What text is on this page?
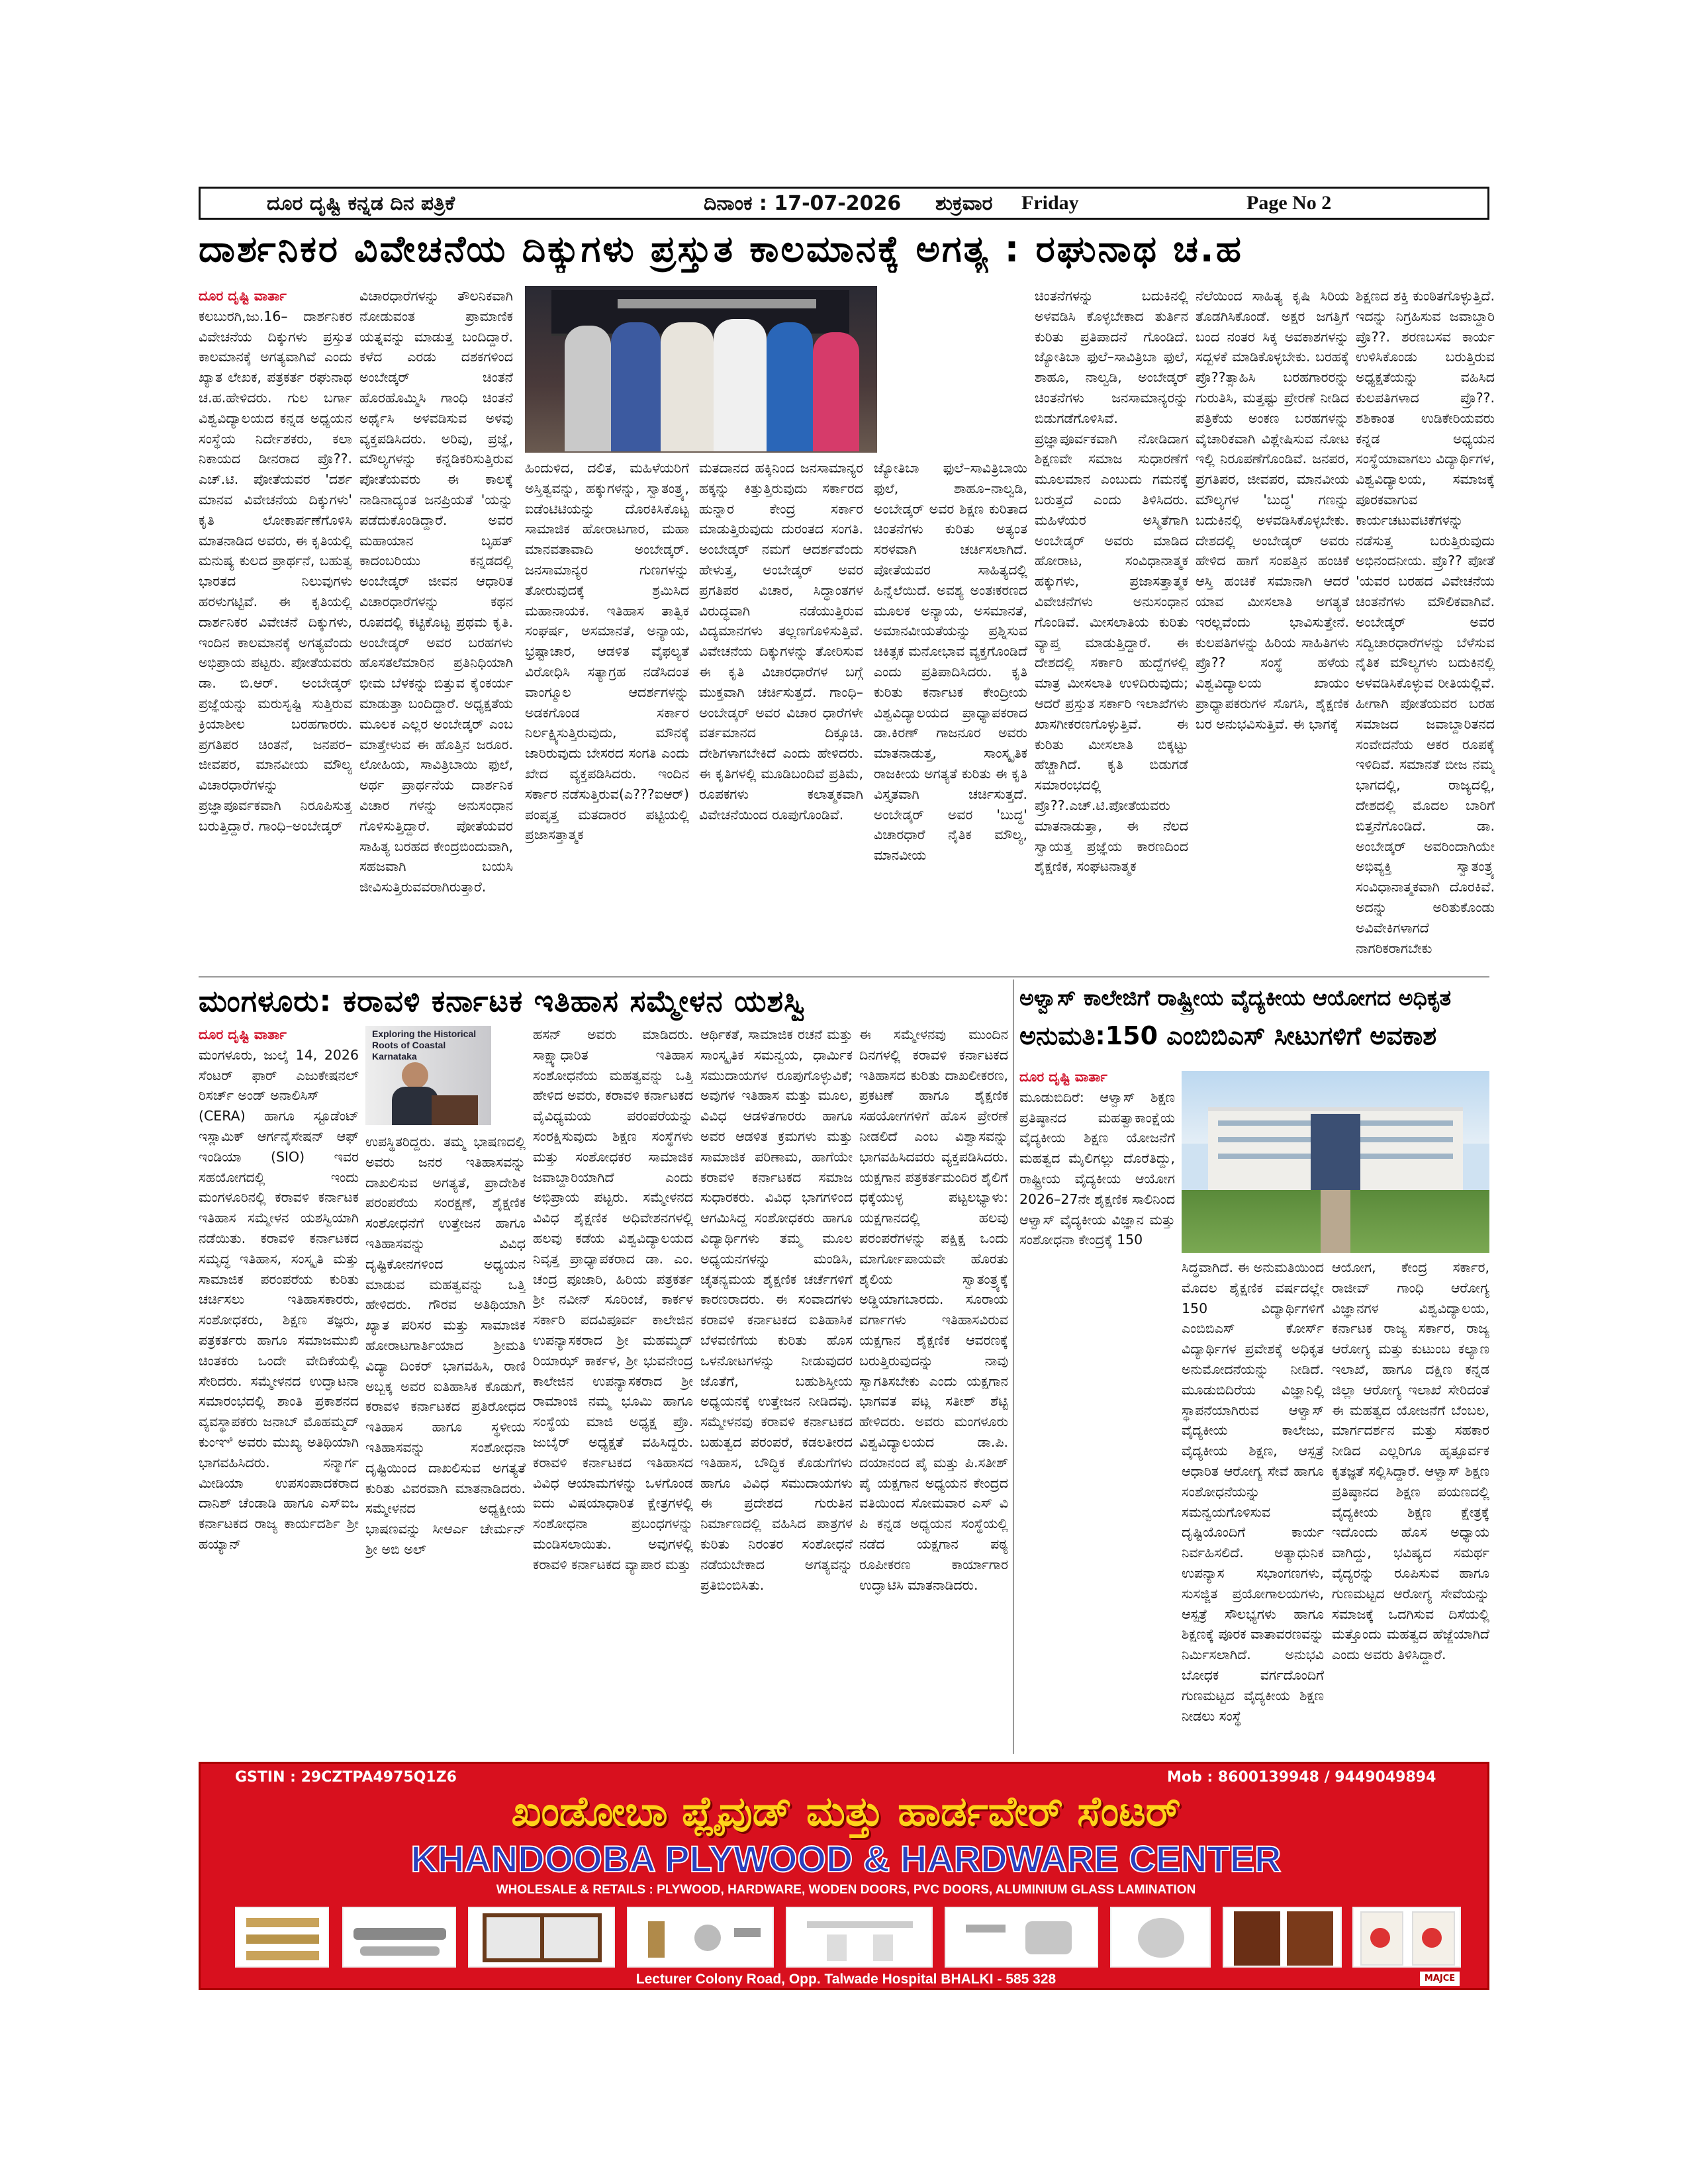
ದೂರ ದೃಷ್ಟಿ ಕನ್ನಡ ದಿನ ಪತ್ರಿಕೆ	ದಿನಾಂಕ : 17-07-2026 ಶುಕ್ರವಾರ Friday	Page No 2
ದಾರ್ಶನಿಕರ ವಿವೇಚನೆಯ ದಿಕ್ಕುಗಳು ಪ್ರಸ್ತುತ ಕಾಲಮಾನಕ್ಕೆ ಅಗತ್ಯ : ರಘುನಾಥ ಚ.ಹ
ದೂರ ದೃಷ್ಟಿ ವಾರ್ತಾ
ಕಲಬುರಗಿ,ಜು.16– ದಾರ್ಶನಿಕರ ವಿವೇಚನೆಯ ದಿಕ್ಕುಗಳು ಪ್ರಸ್ತುತ ಕಾಲಮಾನಕ್ಕೆ ಅಗತ್ಯವಾಗಿವೆ ಎಂದು ಖ್ಯಾತ ಲೇಖಕ, ಪತ್ರಕರ್ತ ರಘುನಾಥ ಚ.ಹ.ಹೇಳಿದರು. ಗುಲ ಬರ್ಗಾ ವಿಶ್ವವಿದ್ಯಾಲಯದ ಕನ್ನಡ ಅಧ್ಯಯನ ಸಂಸ್ಥೆಯ ನಿರ್ದೇಶಕರು, ಕಲಾ ನಿಕಾಯದ ಡೀನರಾದ ಪ್ರೊ??. ಎಚ್.ಟಿ. ಪೋತೆಯವರ 'ದರ್ಶ ಮಾನವ ವಿವೇಚನೆಯ ದಿಕ್ಕುಗಳು' ಕೃತಿ ಲೋಕಾರ್ಪಣೆಗೊಳಿಸಿ ಮಾತನಾಡಿದ ಅವರು, ಈ ಕೃತಿಯಲ್ಲಿ ಮನುಷ್ಯ ಕುಲದ ಪ್ರಾರ್ಥನೆ, ಬಹುತ್ವ ಭಾರತದ ನಿಲುವುಗಳು ಹರಳುಗಟ್ಟಿವೆ. ಈ ಕೃತಿಯಲ್ಲಿ ದಾರ್ಶನಿಕರ ವಿವೇಚನೆ ದಿಕ್ಕುಗಳು, ಇಂದಿನ ಕಾಲಮಾನಕ್ಕೆ ಅಗತ್ಯವೆಂದು ಅಭಿಪ್ರಾಯ ಪಟ್ಟರು. ಪೋತೆಯವರು ಡಾ. ಬಿ.ಆರ್. ಅಂಬೇಡ್ಕರ್ ಪ್ರಜ್ಞೆಯನ್ನು ಮರುಸೃಷ್ಟಿ ಸುತ್ತಿರುವ ಕ್ರಿಯಾಶೀಲ ಬರಹಗಾರರು. ಪ್ರಗತಿಪರ ಚಿಂತನೆ, ಜನಪರ– ಜೀವಪರ, ಮಾನವೀಯ ಮೌಲ್ಯ ವಿಚಾರಧಾರೆಗಳನ್ನು ಪ್ರಜ್ಞಾಪೂರ್ವಕವಾಗಿ ನಿರೂಪಿಸುತ್ತ ಬರುತ್ತಿದ್ದಾರೆ. ಗಾಂಧಿ–ಅಂಬೇಡ್ಕರ್
ವಿಚಾರಧಾರೆಗಳನ್ನು ತೌಲನಿಕವಾಗಿ ನೋಡುವಂತ ಪ್ರಾಮಾಣಿಕ ಯತ್ನವನ್ನು ಮಾಡುತ್ತ ಬಂದಿದ್ದಾರೆ. ಕಳೆದ ಎರಡು ದಶಕಗಳಿಂದ ಅಂಬೇಡ್ಕರ್ ಚಿಂತನೆ ಹೊರಹೊಮ್ಮಿಸಿ ಗಾಂಧಿ ಚಿಂತನೆ ಅರ್ಥೈಸಿ ಅಳವಡಿಸುವ ಅಳವು ವ್ಯಕ್ತಪಡಿಸಿದರು. ಅರಿವು, ಪ್ರಜ್ಞೆ, ಮೌಲ್ಯಗಳನ್ನು ಕನ್ನಡಿಕರಿಸುತ್ತಿರುವ ಪೋತೆಯವರು ಈ ಕಾಲಕ್ಕೆ ನಾಡಿನಾದ್ಯಂತ ಜನಪ್ರಿಯತೆ 'ಯನ್ನು ಪಡೆದುಕೊಂಡಿದ್ದಾರೆ. ಅವರ ಮಹಾಯಾನ ಬೃಹತ್ ಕಾದಂಬರಿಯು ಕನ್ನಡದಲ್ಲಿ ಅಂಬೇಡ್ಕರ್ ಜೀವನ ಆಧಾರಿತ ವಿಚಾರಧಾರೆಗಳನ್ನು ಕಥನ ರೂಪದಲ್ಲಿ ಕಟ್ಟಿಕೊಟ್ಟ ಪ್ರಥಮ ಕೃತಿ. ಅಂಬೇಡ್ಕರ್ ಅವರ ಬರಹಗಳು ಹೊಸತಲೆಮಾರಿನ ಪ್ರತಿನಿಧಿಯಾಗಿ ಭೀಮ ಬೆಳಕನ್ನು ಬಿತ್ತುವ ಕೈಂಕರ್ಯ ಮಾಡುತ್ತಾ ಬಂದಿದ್ದಾರೆ. ಅಧ್ಯಕ್ಷತೆಯ ಮೂಲಕ ಎಲ್ಲರ ಅಂಬೇಡ್ಕರ್ ಎಂಬ ಮಾತ್ತೇಳುವ ಈ ಹೊತ್ತಿನ ಜರೂರ. ಲೋಹಿಯ, ಸಾವಿತ್ರಿಬಾಯಿ ಫುಲೆ, ಅರ್ಥ ಪ್ರಾರ್ಥನೆಯ ದಾರ್ಶನಿಕ ವಿಚಾರ ಗಳನ್ನು ಅನುಸಂಧಾನ ಗೊಳಿಸುತ್ತಿದ್ದಾರೆ. ಪೋತೆಯವರ ಸಾಹಿತ್ಯ ಬರಹದ ಕೇಂದ್ರಬಿಂದುವಾಗಿ, ಸಹಜವಾಗಿ ಬಯಸಿ ಜೀವಿಸುತ್ತಿರುವವರಾಗಿರುತ್ತಾರೆ.
ಹಿಂದುಳಿದ, ದಲಿತ, ಮಹಿಳೆಯರಿಗೆ ಅಸ್ತಿತ್ವವನ್ನು, ಹಕ್ಕುಗಳನ್ನು, ಸ್ವಾತಂತ್ರ್ಯ, ಐಡೆಂಟಿಟಿಯನ್ನು ದೊರಕಿಸಿಕೊಟ್ಟ ಸಾಮಾಜಿಕ ಹೋರಾಟಗಾರ, ಮಹಾ ಮಾನವತಾವಾದಿ ಅಂಬೇಡ್ಕರ್. ಜನಸಾಮಾನ್ಯರ ಗುಣಗಳನ್ನು ತೋರುವುದಕ್ಕೆ ಶ್ರಮಿಸಿದ ಮಹಾನಾಯಕ. ಇತಿಹಾಸ ತಾತ್ವಿಕ ಸಂಘರ್ಷ, ಅಸಮಾನತೆ, ಅನ್ಯಾಯ, ಭ್ರಷ್ಟಾಚಾರ, ಆಡಳಿತ ವೈಫಲ್ಯತೆ ವಿರೋಧಿಸಿ ಸತ್ಯಾಗ್ರಹ ನಡೆಸಿದಂತ ವಾಂಗ್ಮೂಲ ಆದರ್ಶಗಳನ್ನು ಅಡಕಗೊಂಡ ಸರ್ಕಾರ ನಿರ್ಲಕ್ಷ್ಯಿಸುತ್ತಿರುವುದು, ಮೌನಕ್ಕೆ ಜಾರಿರುವುದು ಬೇಸರದ ಸಂಗತಿ ಎಂದು ಖೇದ ವ್ಯಕ್ತಪಡಿಸಿದರು. ಇಂದಿನ ಸರ್ಕಾರ ನಡೆಸುತ್ತಿರುವ(ಎ???ಐಆರ್) ಪಂಪೃತ್ತ ಮತದಾರರ ಪಟ್ಟಿಯಲ್ಲಿ ಪ್ರಜಾಸತ್ತಾತ್ಮಕ
ಮತದಾನದ ಹಕ್ಕಿನಿಂದ ಜನಸಾಮಾನ್ಯರ ಹಕ್ಕನ್ನು ಕಿತ್ತುತ್ತಿರುವುದು ಸರ್ಕಾರದ ಹುನ್ನಾರ ಕೇಂದ್ರ ಸರ್ಕಾರ ಮಾಡುತ್ತಿರುವುದು ದುರಂತದ ಸಂಗತಿ. ಅಂಬೇಡ್ಕರ್ ನಮಗೆ ಆದರ್ಶವೆಂದು ಹೇಳುತ್ತ, ಅಂಬೇಡ್ಕರ್ ಅವರ ಪ್ರಗತಿಪರ ವಿಚಾರ, ಸಿದ್ಧಾಂತಗಳ ವಿರುದ್ಧವಾಗಿ ನಡೆಯುತ್ತಿರುವ ವಿದ್ಯಮಾನಗಳು ತಲ್ಲಣಗೊಳಿಸುತ್ತಿವೆ. ವಿವೇಚನೆಯ ದಿಕ್ಕುಗಳನ್ನು ತೋರಿಸುವ ಈ ಕೃತಿ ವಿಚಾರಧಾರೆಗಳ ಬಗ್ಗೆ ಮುಕ್ತವಾಗಿ ಚರ್ಚಿಸುತ್ತದೆ. ಗಾಂಧಿ–ಅಂಬೇಡ್ಕರ್ ಅವರ ವಿಚಾರ ಧಾರೆಗಳೇ ವರ್ತಮಾನದ ದಿಕ್ಸೂಚಿ. ದೇಶಿಗಳಾಗಬೇಕಿದೆ ಎಂದು ಹೇಳಿದರು. ಈ ಕೃತಿಗಳಲ್ಲಿ ಮೂಡಿಬಂದಿವೆ ಪ್ರತಿಮೆ, ರೂಪಕಗಳು ಕಲಾತ್ಮಕವಾಗಿ ವಿವೇಚನೆಯಿಂದ ರೂಪುಗೊಂಡಿವೆ.
ಜ್ಯೋತಿಬಾ ಫುಲೆ–ಸಾವಿತ್ರಿಬಾಯಿ ಫುಲೆ, ಶಾಹೂ–ನಾಲ್ವಡಿ, ಅಂಬೇಡ್ಕರ್ ಅವರ ಶಿಕ್ಷಣ ಕುರಿತಾದ ಚಿಂತನೆಗಳು ಕುರಿತು ಅತ್ಯಂತ ಸರಳವಾಗಿ ಚರ್ಚಿಸಲಾಗಿದೆ. ಪೋತೆಯವರ ಸಾಹಿತ್ಯದಲ್ಲಿ ಹಿನ್ನೆಲೆಯಿದೆ. ಅವಶ್ಯ ಅಂತಃಕರಣದ ಮೂಲಕ ಅನ್ಯಾಯ, ಅಸಮಾನತೆ, ಅಮಾನವೀಯತೆಯನ್ನು ಪ್ರಶ್ನಿಸುವ ಚಿಕಿತ್ಸಕ ಮನೋಭಾವ ವ್ಯಕ್ತಗೊಂಡಿದೆ ಎಂದು ಪ್ರತಿಪಾದಿಸಿದರು. ಕೃತಿ ಕುರಿತು ಕರ್ನಾಟಕ ಕೇಂದ್ರೀಯ ವಿಶ್ವವಿದ್ಯಾಲಯದ ಪ್ರಾಧ್ಯಾಪಕರಾದ ಡಾ.ಕಿರಣ್ ಗಾಜನೂರ ಅವರು ಮಾತನಾಡುತ್ತ, ಸಾಂಸ್ಕೃತಿಕ ರಾಜಕೀಯ ಅಗತ್ಯತೆ ಕುರಿತು ಈ ಕೃತಿ ವಿಸ್ತೃತವಾಗಿ ಚರ್ಚಿಸುತ್ತದೆ. ಅಂಬೇಡ್ಕರ್ ಅವರ 'ಬುದ್ಧ' ವಿಚಾರಧಾರೆ ನೈತಿಕ ಮೌಲ್ಯ, ಮಾನವೀಯ
ಚಿಂತನೆಗಳನ್ನು ಬದುಕಿನಲ್ಲಿ ಅಳವಡಿಸಿ ಕೊಳ್ಳಬೇಕಾದ ತುರ್ತಿನ ಕುರಿತು ಪ್ರತಿಪಾದನೆ ಗೊಂಡಿದೆ. ಜ್ಯೋತಿಬಾ ಫುಲೆ–ಸಾವಿತ್ರಿಬಾ ಫುಲೆ, ಶಾಹೂ, ನಾಲ್ವಡಿ, ಅಂಬೇಡ್ಕರ್ ಚಿಂತನೆಗಳು ಜನಸಾಮಾನ್ಯರನ್ನು ಬಿಡುಗಡೆಗೊಳಿಸಿವೆ. ಪ್ರಜ್ಞಾಪೂರ್ವಕವಾಗಿ ನೋಡಿದಾಗ ಶಿಕ್ಷಣವೇ ಸಮಾಜ ಸುಧಾರಣೆಗೆ ಮೂಲಮಾನ ಎಂಬುದು ಗಮನಕ್ಕೆ ಬರುತ್ತದೆ ಎಂದು ತಿಳಿಸಿದರು. ಮಹಿಳೆಯರ ಅಸ್ಮಿತೆಗಾಗಿ ಅಂಬೇಡ್ಕರ್ ಅವರು ಮಾಡಿದ ಹೋರಾಟ, ಸಂವಿಧಾನಾತ್ಮಕ ಹಕ್ಕುಗಳು, ಪ್ರಜಾಸತ್ತಾತ್ಮಕ ವಿವೇಚನೆಗಳು ಅನುಸಂಧಾನ ಗೊಂಡಿವೆ. ಮೀಸಲಾತಿಯ ಕುರಿತು ವ್ಯಾಪ್ತ ಮಾಡುತ್ತಿದ್ದಾರೆ. ಈ ದೇಶದಲ್ಲಿ ಸರ್ಕಾರಿ ಹುದ್ದೆಗಳಲ್ಲಿ ಮಾತ್ರ ಮೀಸಲಾತಿ ಉಳಿದಿರುವುದು; ಆದರೆ ಪ್ರಸ್ತುತ ಸರ್ಕಾರಿ ಇಲಾಖೆಗಳು ಖಾಸಗೀಕರಣಗೊಳ್ಳುತ್ತಿವೆ. ಈ ಕುರಿತು ಮೀಸಲಾತಿ ಬಿಕ್ಕಟ್ಟು ಹೆಚ್ಚಾಗಿದೆ. ಕೃತಿ ಬಿಡುಗಡೆ ಸಮಾರಂಭದಲ್ಲಿ ಪ್ರೊ??.ಎಚ್.ಟಿ.ಪೋತೆಯವರು ಮಾತನಾಡುತ್ತಾ, ಈ ನೆಲದ ಸ್ವಾಯತ್ತ ಪ್ರಜ್ಞೆಯ ಕಾರಣದಿಂದ ಶೈಕ್ಷಣಿಕ, ಸಂಘಟನಾತ್ಮಕ
ನೆಲೆಯಿಂದ ಸಾಹಿತ್ಯ ಕೃಷಿ ಸಿರಿಯ ತೊಡಗಿಸಿಕೊಂಡೆ. ಅಕ್ಷರ ಜಗತ್ತಿಗೆ ಬಂದ ನಂತರ ಸಿಕ್ಕ ಅವಕಾಶಗಳನ್ನು ಸದ್ಬಳಕೆ ಮಾಡಿಕೊಳ್ಳಬೇಕು. ಬರಹಕ್ಕೆ ಪ್ರೊ??ತ್ಸಾಹಿಸಿ ಬರಹಗಾರರನ್ನು ಗುರುತಿಸಿ, ಮತ್ತಷ್ಟು ಪ್ರೇರಣೆ ನೀಡಿದ ಪತ್ರಿಕೆಯ ಅಂಕಣ ಬರಹಗಳನ್ನು ವೈಚಾರಿಕವಾಗಿ ವಿಶ್ಲೇಷಿಸುವ ನೋಟ ಇಲ್ಲಿ ನಿರೂಪಣೆಗೊಂಡಿವೆ. ಜನಪರ, ಪ್ರಗತಿಪರ, ಜೀವಪರ, ಮಾನವೀಯ ಮೌಲ್ಯಗಳ 'ಬುದ್ಧ' ಗಣನ್ನು ಬದುಕಿನಲ್ಲಿ ಅಳವಡಿಸಿಕೊಳ್ಳಬೇಕು. ದೇಶದಲ್ಲಿ ಅಂಬೇಡ್ಕರ್ ಅವರು ಹೇಳಿದ ಹಾಗೆ ಸಂಪತ್ತಿನ ಹಂಚಿಕೆ ಆಸ್ತಿ ಹಂಚಿಕೆ ಸಮಾನಾಗಿ ಆದರೆ ಯಾವ ಮೀಸಲಾತಿ ಅಗತ್ಯತೆ ಇರಲ್ಲವೆಂದು ಭಾವಿಸುತ್ತೇನೆ. ಕುಲಪತಿಗಳನ್ನು ಹಿರಿಯ ಸಾಹಿತಿಗಳು ಪ್ರೊ?? ಸಂಸ್ಥೆ ಹಳೆಯ ವಿಶ್ವವಿದ್ಯಾಲಯ ಖಾಯಂ ಪ್ರಾಧ್ಯಾಪಕರುಗಳ ಸೊಗಸಿ, ಶೈಕ್ಷಣಿಕ ಬರ ಅನುಭವಿಸುತ್ತಿವೆ. ಈ ಭಾಗಕ್ಕೆ
ಶಿಕ್ಷಣದ ಶಕ್ತಿ ಕುಂಠಿತಗೊಳ್ಳುತ್ತಿದೆ. ಇದನ್ನು ನಿಗ್ರಹಿಸುವ ಜವಾಬ್ದಾರಿ ಪ್ರೊ??. ಶರಣಬಸವ ಕಾರ್ಯ ಉಳಿಸಿಕೊಂಡು ಬರುತ್ತಿರುವ ಅಧ್ಯಕ್ಷತೆಯನ್ನು ವಹಿಸಿದ ಕುಲಪತಿಗಳಾದ ಪ್ರೊ??. ಶಶಿಕಾಂತ ಉಡಿಕೇರಿಯವರು ಕನ್ನಡ ಅಧ್ಯಯನ ಸಂಸ್ಥೆಯಾವಾಗಲು ವಿದ್ಯಾರ್ಥಿಗಳ, ವಿಶ್ವವಿದ್ಯಾಲಯ, ಸಮಾಜಕ್ಕೆ ಪೂರಕವಾಗುವ ಕಾರ್ಯಚಟುವಟಿಕೆಗಳನ್ನು ನಡೆಸುತ್ತ ಬರುತ್ತಿರುವುದು ಅಭಿನಂದನೀಯ. ಪ್ರೊ?? ಪೋತೆ 'ಯವರ ಬರಹದ ವಿವೇಚನೆಯ ಚಿಂತನೆಗಳು ಮೌಲಿಕವಾಗಿವೆ. ಅಂಬೇಡ್ಕರ್ ಅವರ ಸದ್ವಿಚಾರಧಾರೆಗಳನ್ನು ಬೆಳೆಸುವ ನೈತಿಕ ಮೌಲ್ಯಗಳು ಬದುಕಿನಲ್ಲಿ ಅಳವಡಿಸಿಕೊಳ್ಳುವ ರೀತಿಯಲ್ಲಿವೆ. ಹೀಗಾಗಿ ಪೋತೆಯವರ ಬರಹ ಸಮಾಜದ ಜವಾಬ್ದಾರಿತನದ ಸಂವೇದನೆಯ ಆಕರ ರೂಪಕ್ಕೆ ಇಳಿದಿವೆ. ಸಮಾನತೆ ಬೀಜ ನಮ್ಮ ಭಾಗದಲ್ಲಿ, ರಾಜ್ಯದಲ್ಲಿ, ದೇಶದಲ್ಲಿ ಮೊದಲ ಬಾರಿಗೆ ಬಿತ್ತನೆಗೊಂಡಿದೆ. ಡಾ. ಅಂಬೇಡ್ಕರ್ ಅವರಿಂದಾಗಿಯೇ ಅಭಿವ್ಯಕ್ತಿ ಸ್ವಾತಂತ್ರ್ಯ ಸಂವಿಧಾನಾತ್ಮಕವಾಗಿ ದೊರಕಿವೆ. ಅದನ್ನು ಅರಿತುಕೊಂಡು ಅವಿವೇಕಿಗಳಾಗದೆ ನಾಗರಿಕರಾಗಬೇಕು
ಮಂಗಳೂರು: ಕರಾವಳಿ ಕರ್ನಾಟಕ ಇತಿಹಾಸ ಸಮ್ಮೇಳನ ಯಶಸ್ವಿ
ದೂರ ದೃಷ್ಟಿ ವಾರ್ತಾ

ಮಂಗಳೂರು, ಜುಲೈ 14, 2026 ಸೆಂಟರ್ ಫಾರ್ ಎಜುಕೇಷನಲ್ ರಿಸರ್ಚ್ ಅಂಡ್ ಅನಾಲಿಸಿಸ್
(CERA) ಹಾಗೂ ಸ್ಟೂಡೆಂಟ್ ಇಸ್ಲಾಮಿಕ್ ಆರ್ಗನೈಸೇಷನ್ ಆಫ್ ಇಂಡಿಯಾ (SIO) ಇವರ ಸಹಯೋಗದಲ್ಲಿ ಇಂದು ಮಂಗಳೂರಿನಲ್ಲಿ ಕರಾವಳಿ ಕರ್ನಾಟಕ ಇತಿಹಾಸ ಸಮ್ಮೇಳನ ಯಶಸ್ವಿಯಾಗಿ ನಡೆಯಿತು. ಕರಾವಳಿ ಕರ್ನಾಟಕದ ಸಮೃದ್ಧ ಇತಿಹಾಸ, ಸಂಸ್ಕೃತಿ ಮತ್ತು ಸಾಮಾಜಿಕ ಪರಂಪರೆಯ ಕುರಿತು ಚರ್ಚಿಸಲು ಇತಿಹಾಸಕಾರರು, ಸಂಶೋಧಕರು, ಶಿಕ್ಷಣ ತಜ್ಞರು, ಪತ್ರಕರ್ತರು ಹಾಗೂ ಸಮಾಜಮುಖಿ ಚಿಂತಕರು ಒಂದೇ ವೇದಿಕೆಯಲ್ಲಿ ಸೇರಿದರು. ಸಮ್ಮೇಳನದ ಉದ್ಘಾಟನಾ ಸಮಾರಂಭದಲ್ಲಿ ಶಾಂತಿ ಪ್ರಕಾಶನದ ವ್ಯವಸ್ಥಾಪಕರು ಜನಾಬ್ ಮೊಹಮ್ಮದ್ ಕುಂಞಿ ಅವರು ಮುಖ್ಯ ಅತಿಥಿಯಾಗಿ ಭಾಗವಹಿಸಿದರು. ಸನ್ಮಾರ್ಗ ಮೀಡಿಯಾ ಉಪಸಂಪಾದಕರಾದ ದಾನಿಶ್ ಚೆಂಡಾಡಿ ಹಾಗೂ ಎಸ್ಐಒ ಕರ್ನಾಟಕದ ರಾಜ್ಯ ಕಾರ್ಯದರ್ಶಿ ಶ್ರೀ ಹಯ್ಯಾನ್
Exploring the Historical Roots of Coastal Karnataka
ಉಪಸ್ಥಿತರಿದ್ದರು. ತಮ್ಮ ಭಾಷಣದಲ್ಲಿ ಅವರು ಜನರ ಇತಿಹಾಸವನ್ನು ದಾಖಲಿಸುವ ಅಗತ್ಯತೆ, ಪ್ರಾದೇಶಿಕ ಪರಂಪರೆಯ ಸಂರಕ್ಷಣೆ, ಶೈಕ್ಷಣಿಕ ಸಂಶೋಧನೆಗೆ ಉತ್ತೇಜನ ಹಾಗೂ ಇತಿಹಾಸವನ್ನು ವಿವಿಧ ದೃಷ್ಟಿಕೋನಗಳಿಂದ ಅಧ್ಯಯನ ಮಾಡುವ ಮಹತ್ವವನ್ನು ಒತ್ತಿ ಹೇಳಿದರು. ಗೌರವ ಅತಿಥಿಯಾಗಿ ಖ್ಯಾತ ಪರಿಸರ ಮತ್ತು ಸಾಮಾಜಿಕ ಹೋರಾಟಗಾರ್ತಿಯಾದ ಶ್ರೀಮತಿ ವಿದ್ಯಾ ದಿಂಕರ್ ಭಾಗವಹಿಸಿ, ರಾಣಿ ಅಬ್ಬಕ್ಕ ಅವರ ಐತಿಹಾಸಿಕ ಕೊಡುಗೆ, ಕರಾವಳಿ ಕರ್ನಾಟಕದ ಪ್ರತಿರೋಧದ ಇತಿಹಾಸ ಹಾಗೂ ಸ್ಥಳೀಯ ಇತಿಹಾಸವನ್ನು ಸಂಶೋಧನಾ ದೃಷ್ಟಿಯಿಂದ ದಾಖಲಿಸುವ ಅಗತ್ಯತೆ ಕುರಿತು ವಿವರವಾಗಿ ಮಾತನಾಡಿದರು. ಸಮ್ಮೇಳನದ ಅಧ್ಯಕ್ಷೀಯ ಭಾಷಣವನ್ನು ಸೀಆರ್ಎ ಚೇರ್ಮನ್ ಶ್ರೀ ಅಬಿ ಅಲ್
ಹಸನ್ ಅವರು ಮಾಡಿದರು. ಸಾಕ್ಷ್ಯಾಧಾರಿತ ಇತಿಹಾಸ ಸಂಶೋಧನೆಯ ಮಹತ್ವವನ್ನು ಒತ್ತಿ ಹೇಳಿದ ಅವರು, ಕರಾವಳಿ ಕರ್ನಾಟಕದ ವೈವಿಧ್ಯಮಯ ಪರಂಪರೆಯನ್ನು ಸಂರಕ್ಷಿಸುವುದು ಶಿಕ್ಷಣ ಸಂಸ್ಥೆಗಳು ಮತ್ತು ಸಂಶೋಧಕರ ಸಾಮಾಜಿಕ ಜವಾಬ್ದಾರಿಯಾಗಿದೆ ಎಂದು ಅಭಿಪ್ರಾಯ ಪಟ್ಟರು. ಸಮ್ಮೇಳನದ ವಿವಿಧ ಶೈಕ್ಷಣಿಕ ಅಧಿವೇಶನಗಳಲ್ಲಿ ಹಲವು ಕಡೆಯ ವಿಶ್ವವಿದ್ಯಾಲಯದ ನಿವೃತ್ತ ಪ್ರಾಧ್ಯಾಪಕರಾದ ಡಾ. ಎಂ. ಚಂದ್ರ ಪೂಜಾರಿ, ಹಿರಿಯ ಪತ್ರಕರ್ತ ಶ್ರೀ ನವೀನ್ ಸೂರಿಂಜೆ, ಕಾರ್ಕಳ ಸರ್ಕಾರಿ ಪದವಿಪೂರ್ವ ಕಾಲೇಜಿನ ಉಪನ್ಯಾಸಕರಾದ ಶ್ರೀ ಮಹಮ್ಮದ್ ರಿಯಾಝ್ ಕಾರ್ಕಳ, ಶ್ರೀ ಭುವನೇಂದ್ರ ಕಾಲೇಜಿನ ಉಪನ್ಯಾಸಕರಾದ ಶ್ರೀ ರಾಮಾಂಜಿ ನಮ್ಮ ಭೂಮಿ ಹಾಗೂ ಸಂಸ್ಥೆಯ ಮಾಜಿ ಅಧ್ಯಕ್ಷ ಪ್ರೊ. ಜುಬೈರ್ ಅಧ್ಯಕ್ಷತೆ ವಹಿಸಿದ್ದರು. ಕರಾವಳಿ ಕರ್ನಾಟಕದ ಇತಿಹಾಸದ ವಿವಿಧ ಆಯಾಮಗಳನ್ನು ಒಳಗೊಂಡ ಐದು ವಿಷಯಾಧಾರಿತ ಕ್ಷೇತ್ರಗಳಲ್ಲಿ ಸಂಶೋಧನಾ ಪ್ರಬಂಧಗಳನ್ನು ಮಂಡಿಸಲಾಯಿತು. ಅವುಗಳಲ್ಲಿ ಕರಾವಳಿ ಕರ್ನಾಟಕದ ವ್ಯಾಪಾರ ಮತ್ತು
ಆರ್ಥಿಕತೆ, ಸಾಮಾಜಿಕ ರಚನೆ ಮತ್ತು ಸಾಂಸ್ಕೃತಿಕ ಸಮನ್ವಯ, ಧಾರ್ಮಿಕ ಸಮುದಾಯಗಳ ರೂಪುಗೊಳ್ಳುವಿಕೆ; ಅವುಗಳ ಇತಿಹಾಸ ಮತ್ತು ಮೂಲ, ವಿವಿಧ ಆಡಳಿತಗಾರರು ಹಾಗೂ ಅವರ ಆಡಳಿತ ಕ್ರಮಗಳು ಮತ್ತು ಸಾಮಾಜಿಕ ಪರಿಣಾಮ, ಹಾಗೆಯೇ ಕರಾವಳಿ ಕರ್ನಾಟಕದ ಸಮಾಜ ಸುಧಾರಕರು. ವಿವಿಧ ಭಾಗಗಳಿಂದ ಆಗಮಿಸಿದ್ದ ಸಂಶೋಧಕರು ಹಾಗೂ ವಿದ್ಯಾರ್ಥಿಗಳು ತಮ್ಮ ಮೂಲ ಅಧ್ಯಯನಗಳನ್ನು ಮಂಡಿಸಿ, ಚೈತನ್ಯಮಯ ಶೈಕ್ಷಣಿಕ ಚರ್ಚೆಗಳಿಗೆ ಕಾರಣರಾದರು. ಈ ಸಂವಾದಗಳು ಕರಾವಳಿ ಕರ್ನಾಟಕದ ಐತಿಹಾಸಿಕ ಬೆಳವಣಿಗೆಯ ಕುರಿತು ಹೊಸ ಒಳನೋಟಗಳನ್ನು ನೀಡುವುದರ ಜೊತೆಗೆ, ಬಹುಶಿಸ್ತೀಯ ಅಧ್ಯಯನಕ್ಕೆ ಉತ್ತೇಜನ ನೀಡಿದವು. ಸಮ್ಮೇಳನವು ಕರಾವಳಿ ಕರ್ನಾಟಕದ ಬಹುತ್ವದ ಪರಂಪರೆ, ಕಡಲತೀರದ ಇತಿಹಾಸ, ಬೌದ್ಧಿಕ ಕೊಡುಗೆಗಳು ಹಾಗೂ ವಿವಿಧ ಸಮುದಾಯಗಳು ಈ ಪ್ರದೇಶದ ಗುರುತಿನ ನಿರ್ಮಾಣದಲ್ಲಿ ವಹಿಸಿದ ಪಾತ್ರಗಳ ಕುರಿತು ನಿರಂತರ ಸಂಶೋಧನೆ ನಡೆಯಬೇಕಾದ ಅಗತ್ಯವನ್ನು ಪ್ರತಿಬಿಂಬಿಸಿತು.
ಈ ಸಮ್ಮೇಳನವು ಮುಂದಿನ ದಿನಗಳಲ್ಲಿ ಕರಾವಳಿ ಕರ್ನಾಟಕದ ಇತಿಹಾಸದ ಕುರಿತು ದಾಖಲೀಕರಣ, ಪ್ರಕಟಣೆ ಹಾಗೂ ಶೈಕ್ಷಣಿಕ ಸಹಯೋಗಗಳಿಗೆ ಹೊಸ ಪ್ರೇರಣೆ ನೀಡಲಿದೆ ಎಂಬ ವಿಶ್ವಾಸವನ್ನು ಭಾಗವಹಿಸಿದವರು ವ್ಯಕ್ತಪಡಿಸಿದರು. ಯಕ್ಷಗಾನ ಪತ್ರಕರ್ತಮಂದಿರ ಶೈಲಿಗೆ ಧಕ್ಕೆಯುಳ್ಳ ಪಟ್ಟಲಭ್ಯಾಳು: ಯಕ್ಷಗಾನದಲ್ಲಿ ಹಲವು ಪರಂಪರೆಗಳನ್ನು ಪಕ್ಷಿಕ್ಷ ಒಂದು ಮಾರ್ಗೋಪಾಯವೇ ಹೊರತು ಶೈಲಿಯ ಸ್ವಾತಂತ್ರ್ಯಕ್ಕೆ ಅಡ್ಡಿಯಾಗಬಾರದು. ಸೂರಾಯ ವರ್ಗಾಗಳು ಇತಿಹಾಸವಿರುವ ಯಕ್ಷಗಾನ ಶೈಕ್ಷಣಿಕ ಆವರಣಕ್ಕೆ ಬರುತ್ತಿರುವುದನ್ನು ನಾವು ಸ್ವಾಗತಿಸಬೇಕು ಎಂದು ಯಕ್ಷಗಾನ ಭಾಗವತ ಪಟ್ಲ ಸತೀಶ್ ಶೆಟ್ಟಿ ಹೇಳಿದರು. ಅವರು ಮಂಗಳೂರು ವಿಶ್ವವಿದ್ಯಾಲಯದ ಡಾ.ಪಿ. ದಯಾನಂದ ಪೈ ಮತ್ತು ಪಿ.ಸತೀಶ್ ಪೈ ಯಕ್ಷಗಾನ ಅಧ್ಯಯನ ಕೇಂದ್ರದ ವತಿಯಿಂದ ಸೋಮವಾರ ಎಸ್ ವಿ ಪಿ ಕನ್ನಡ ಅಧ್ಯಯನ ಸಂಸ್ಥೆಯಲ್ಲಿ ನಡೆದ ಯಕ್ಷಗಾನ ಪಠ್ಯ ರೂಪೀಕರಣ ಕಾರ್ಯಾಗಾರ ಉದ್ಘಾಟಿಸಿ ಮಾತನಾಡಿದರು.
ಅಳ್ವಾಸ್ ಕಾಲೇಜಿಗೆ ರಾಷ್ಟ್ರೀಯ ವೈದ್ಯಕೀಯ ಆಯೋಗದ ಅಧಿಕೃತ
ಅನುಮತಿ:150 ಎಂಬಿಬಿಎಸ್ ಸೀಟುಗಳಿಗೆ ಅವಕಾಶ
ದೂರ ದೃಷ್ಟಿ ವಾರ್ತಾ
ಮೂಡುಬಿದಿರೆ: ಆಳ್ವಾಸ್ ಶಿಕ್ಷಣ ಪ್ರತಿಷ್ಠಾನದ ಮಹತ್ವಾಕಾಂಕ್ಷೆಯ ವೈದ್ಯಕೀಯ ಶಿಕ್ಷಣ ಯೋಜನೆಗೆ ಮಹತ್ವದ ಮೈಲಿಗಲ್ಲು ದೊರೆತಿದ್ದು, ರಾಷ್ಟ್ರೀಯ ವೈದ್ಯಕೀಯ ಆಯೋಗ 2026–27ನೇ ಶೈಕ್ಷಣಿಕ ಸಾಲಿನಿಂದ ಆಳ್ವಾಸ್ ವೈದ್ಯಕೀಯ ವಿಜ್ಞಾನ ಮತ್ತು ಸಂಶೋಧನಾ ಕೇಂದ್ರಕ್ಕೆ 150
ಸಿದ್ಧವಾಗಿದೆ. ಈ ಅನುಮತಿಯಿಂದ ಮೊದಲ ಶೈಕ್ಷಣಿಕ ವರ್ಷದಲ್ಲೇ 150 ವಿದ್ಯಾರ್ಥಿಗಳಿಗೆ ಎಂಬಿಬಿಎಸ್ ಕೋರ್ಸ್ ವಿದ್ಯಾರ್ಥಿಗಳ ಪ್ರವೇಶಕ್ಕೆ ಅಧಿಕೃತ ಅನುಮೋದನೆಯನ್ನು ನೀಡಿದೆ. ಮೂಡುಬಿದಿರೆಯ ವಿಜ್ಞಾನಿಲ್ಲಿ ಸ್ಥಾಪನೆಯಾಗಿರುವ ಆಳ್ವಾಸ್ ವೈದ್ಯಕೀಯ ಕಾಲೇಜು, ವೈದ್ಯಕೀಯ ಶಿಕ್ಷಣ, ಆಸ್ಪತ್ರೆ ಆಧಾರಿತ ಆರೋಗ್ಯ ಸೇವೆ ಹಾಗೂ ಸಂಶೋಧನೆಯನ್ನು ಸಮನ್ವಯಗೊಳಿಸುವ ದೃಷ್ಟಿಯೊಂದಿಗೆ ಕಾರ್ಯ ನಿರ್ವಹಿಸಲಿದೆ. ಅತ್ಯಾಧುನಿಕ ಉಪನ್ಯಾಸ ಸಭಾಂಗಣಗಳು, ಸುಸಜ್ಜಿತ ಪ್ರಯೋಗಾಲಯಗಳು, ಆಸ್ಪತ್ರೆ ಸೌಲಭ್ಯಗಳು ಹಾಗೂ ಶಿಕ್ಷಣಕ್ಕೆ ಪೂರಕ ವಾತಾವರಣವನ್ನು ನಿರ್ಮಿಸಲಾಗಿದೆ. ಅನುಭವಿ ಬೋಧಕ ವರ್ಗದೊಂದಿಗೆ ಗುಣಮಟ್ಟದ ವೈದ್ಯಕೀಯ ಶಿಕ್ಷಣ ನೀಡಲು ಸಂಸ್ಥೆ
ಆಯೋಗ, ಕೇಂದ್ರ ಸರ್ಕಾರ, ರಾಜೀವ್ ಗಾಂಧಿ ಆರೋಗ್ಯ ವಿಜ್ಞಾನಗಳ ವಿಶ್ವವಿದ್ಯಾಲಯ, ಕರ್ನಾಟಕ ರಾಜ್ಯ ಸರ್ಕಾರ, ರಾಜ್ಯ ಆರೋಗ್ಯ ಮತ್ತು ಕುಟುಂಬ ಕಲ್ಯಾಣ ಇಲಾಖೆ, ಹಾಗೂ ದಕ್ಷಿಣ ಕನ್ನಡ ಜಿಲ್ಲಾ ಆರೋಗ್ಯ ಇಲಾಖೆ ಸೇರಿದಂತೆ ಈ ಮಹತ್ವದ ಯೋಜನೆಗೆ ಬೆಂಬಲ, ಮಾರ್ಗದರ್ಶನ ಮತ್ತು ಸಹಕಾರ ನೀಡಿದ ಎಲ್ಲರಿಗೂ ಹೃತ್ಪೂರ್ವಕ ಕೃತಜ್ಞತೆ ಸಲ್ಲಿಸಿದ್ದಾರೆ. ಆಳ್ವಾಸ್ ಶಿಕ್ಷಣ ಪ್ರತಿಷ್ಠಾನದ ಶಿಕ್ಷಣ ಪಯಣದಲ್ಲಿ ವೈದ್ಯಕೀಯ ಶಿಕ್ಷಣ ಕ್ಷೇತ್ರಕ್ಕೆ ಇದೊಂದು ಹೊಸ ಅಧ್ಯಾಯ ವಾಗಿದ್ದು, ಭವಿಷ್ಯದ ಸಮರ್ಥ ವೈದ್ಯರನ್ನು ರೂಪಿಸುವ ಹಾಗೂ ಗುಣಮಟ್ಟದ ಆರೋಗ್ಯ ಸೇವೆಯನ್ನು ಸಮಾಜಕ್ಕೆ ಒದಗಿಸುವ ದಿಸೆಯಲ್ಲಿ ಮತ್ತೊಂದು ಮಹತ್ವದ ಹೆಜ್ಜೆಯಾಗಿದೆ ಎಂದು ಅವರು ತಿಳಿಸಿದ್ದಾರೆ.
GSTIN : 29CZTPA4975Q1Z6	Mob : 8600139948 / 9449049894
ಖಂಡೋಬಾ ಪ್ಲೈವುಡ್ ಮತ್ತು ಹಾರ್ಡವೇರ್ ಸೆಂಟರ್
KHANDOOBA PLYWOOD & HARDWARE CENTER
WHOLESALE & RETAILS : PLYWOOD, HARDWARE, WODEN DOORS, PVC DOORS, ALUMINIUM GLASS LAMINATION
Lecturer Colony Road, Opp. Talwade Hospital BHALKI - 585 328	MAJCE
